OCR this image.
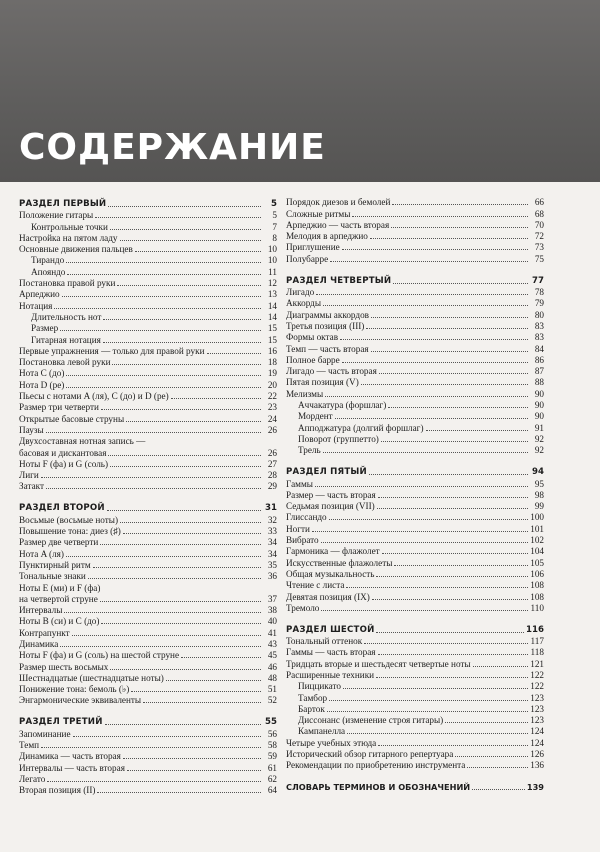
СОДЕРЖАНИЕ
РАЗДЕЛ ПЕРВЫЙ	5
Положение гитары	5
Контрольные точки	7
Настройка на пятом ладу	8
Основные движения пальцев	10
Тирандо	10
Апояндо	11
Постановка правой руки	12
Арпеджио	13
Нотация	14
Длительность нот	14
Размер	15
Гитарная нотация	15
Первые упражнения — только для правой руки	16
Постановка левой руки	18
Нота C (до)	19
Нота D (ре)	20
Пьесы с нотами A (ля), C (до) и D (ре)	22
Размер три четверти	23
Открытые басовые струны	24
Паузы	26
Двухсоставная нотная запись —
басовая и дискантовая	26
Ноты F (фа) и G (соль)	27
Лиги	28
Затакт	29
РАЗДЕЛ ВТОРОЙ	31
Восьмые (восьмые ноты)	32
Повышение тона: диез (♯)	33
Размер две четверти	34
Нота A (ля)	34
Пунктирный ритм	35
Тональные знаки	36
Ноты E (ми) и F (фа)
на четвертой струне	37
Интервалы	38
Ноты B (си) и C (до)	40
Контрапункт	41
Динамика	43
Ноты F (фа) и G (соль) на шестой струне	45
Размер шесть восьмых	46
Шестнадцатые (шестнадцатые ноты)	48
Понижение тона: бемоль (♭)	51
Энгармонические эквиваленты	52
РАЗДЕЛ ТРЕТИЙ	55
Запоминание	56
Темп	58
Динамика — часть вторая	59
Интервалы — часть вторая	61
Легато	62
Вторая позиция (II)	64
Порядок диезов и бемолей	66
Сложные ритмы	68
Арпеджио — часть вторая	70
Мелодия в арпеджио	72
Приглушение	73
Полубарре	75
РАЗДЕЛ ЧЕТВЕРТЫЙ	77
Лигадо	78
Аккорды	79
Диаграммы аккордов	80
Третья позиция (III)	83
Формы октав	83
Темп — часть вторая	84
Полное барре	86
Лигадо — часть вторая	87
Пятая позиция (V)	88
Мелизмы	90
Аччакатура (форшлаг)	90
Мордент	90
Апподжатура (долгий форшлаг)	91
Поворот (группетто)	92
Трель	92
РАЗДЕЛ ПЯТЫЙ	94
Гаммы	95
Размер — часть вторая	98
Седьмая позиция (VII)	99
Глиссандо	100
Ногти	101
Вибрато	102
Гармоника — флажолет	104
Искусственные флажолеты	105
Общая музыкальность	106
Чтение с листа	108
Девятая позиция (IX)	108
Тремоло	110
РАЗДЕЛ ШЕСТОЙ	116
Тональный оттенок	117
Гаммы — часть вторая	118
Тридцать вторые и шестьдесят четвертые ноты	121
Расширенные техники	122
Пиццикато	122
Тамбор	123
Барток	123
Диссонанс (изменение строя гитары)	123
Кампанелла	124
Четыре учебных этюда	124
Исторический обзор гитарного репертуара	126
Рекомендации по приобретению инструмента	136
СЛОВАРЬ ТЕРМИНОВ И ОБОЗНАЧЕНИЙ	139
